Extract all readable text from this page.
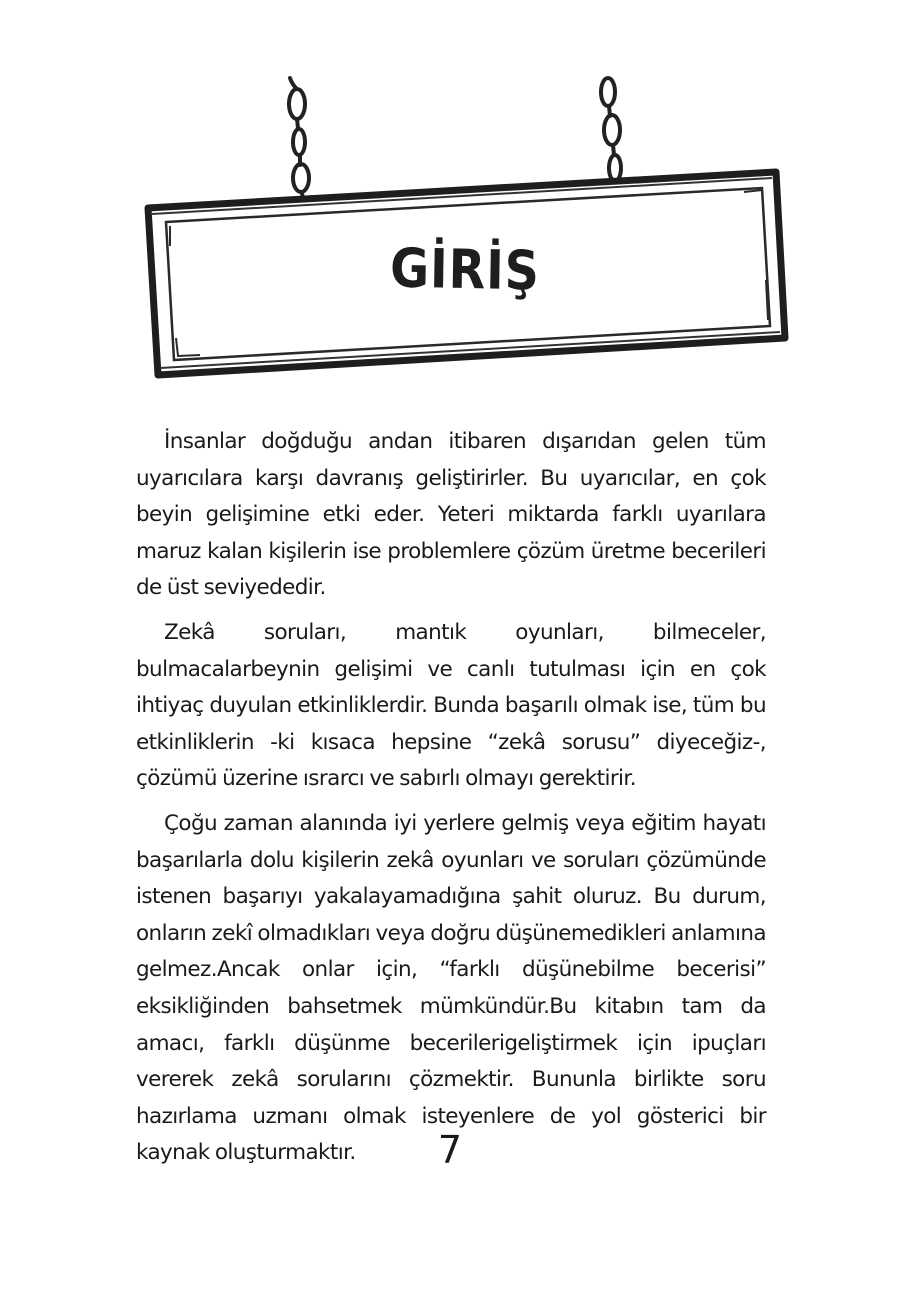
GİRİŞ

İnsanlar doğduğu andan itibaren dışarıdan gelen tüm uyarıcılara karşı davranış geliştirirler. Bu uyarıcılar, en çok beyin gelişimine etki eder. Yeteri miktarda farklı uyarılara maruz kalan kişilerin ise problemlere çözüm üretme becerileri de üst seviyededir.

Zekâ soruları, mantık oyunları, bilmeceler, bulmacalarbeynin gelişimi ve canlı tutulması için en çok ihtiyaç duyulan etkinliklerdir. Bunda başarılı olmak ise, tüm bu etkinliklerin -ki kısaca hepsine “zekâ sorusu” diyeceğiz-, çözümü üzerine ısrarcı ve sabırlı olmayı gerektirir.

Çoğu zaman alanında iyi yerlere gelmiş veya eğitim hayatı başarılarla dolu kişilerin zekâ oyunları ve soruları çözümünde istenen başarıyı yakalayamadığına şahit oluruz. Bu durum, onların zekî olmadıkları veya doğru düşünemedikleri anlamına gelmez.Ancak onlar için, “farklı düşünebilme becerisi” eksikliğinden bahsetmek mümkündür.Bu kitabın tam da amacı, farklı düşünme becerilerigeliştirmek için ipuçları vererek zekâ sorularını çözmektir. Bununla birlikte soru hazırlama uzmanı olmak isteyenlere de yol gösterici bir kaynak oluşturmaktır.	7
